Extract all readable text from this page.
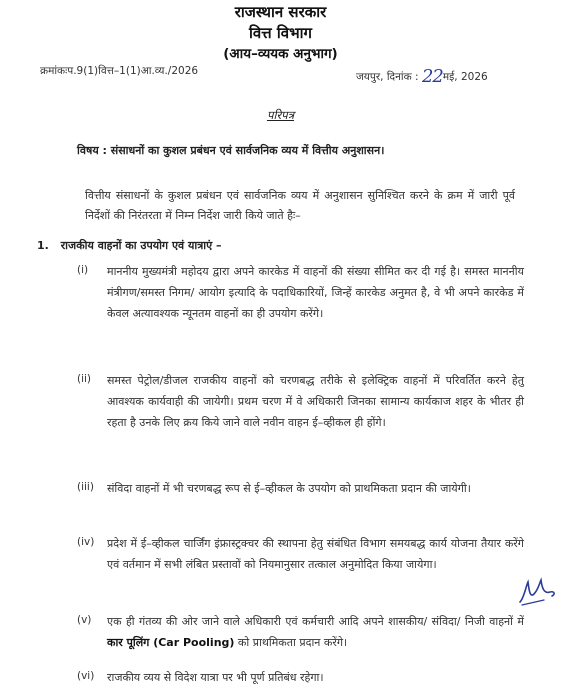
राजस्थान सरकार
वित्त विभाग
(आय–व्ययक अनुभाग)
क्रमांकःप.9(1)वित्त–1(1)आ.व्य./2026	जयपुर, दिनांक : 22मई, 2026
परिपत्र
विषय : संसाधनों का कुशल प्रबंधन एवं सार्वजनिक व्यय में वित्तीय अनुशासन।
वित्तीय संसाधनों के कुशल प्रबंधन एवं सार्वजनिक व्यय में अनुशासन सुनिश्चित करने के क्रम में जारी पूर्व निर्देशों की निरंतरता में निम्न निर्देश जारी किये जाते हैः–
1. राजकीय वाहनों का उपयोग एवं यात्राएं –
(i) माननीय मुख्यमंत्री महोदय द्वारा अपने कारकेड में वाहनों की संख्या सीमित कर दी गई है। समस्त माननीय मंत्रीगण/समस्त निगम/ आयोग इत्यादि के पदाधिकारियों, जिन्हें कारकेड अनुमत है, वे भी अपने कारकेड में केवल अत्यावश्यक न्यूनतम वाहनों का ही उपयोग करेंगे।
(ii) समस्त पेट्रोल/डीजल राजकीय वाहनों को चरणबद्ध तरीके से इलेक्ट्रिक वाहनों में परिवर्तित करने हेतु आवश्यक कार्यवाही की जायेगी। प्रथम चरण में वे अधिकारी जिनका सामान्य कार्यकाज शहर के भीतर ही रहता है उनके लिए क्रय किये जाने वाले नवीन वाहन ई–व्हीकल ही होंगे।
(iii) संविदा वाहनों में भी चरणबद्ध रूप से ई–व्हीकल के उपयोग को प्राथमिकता प्रदान की जायेगी।
(iv) प्रदेश में ई–व्हीकल चार्जिंग इंफ्रास्ट्रक्चर की स्थापना हेतु संबंधित विभाग समयबद्ध कार्य योजना तैयार करेंगे एवं वर्तमान में सभी लंबित प्रस्तावों को नियमानुसार तत्काल अनुमोदित किया जायेगा।
(v) एक ही गंतव्य की ओर जाने वाले अधिकारी एवं कर्मचारी आदि अपने शासकीय/ संविदा/ निजी वाहनों में कार पूलिंग (Car Pooling) को प्राथमिकता प्रदान करेंगे।
(vi) राजकीय व्यय से विदेश यात्रा पर भी पूर्ण प्रतिबंध रहेगा।
